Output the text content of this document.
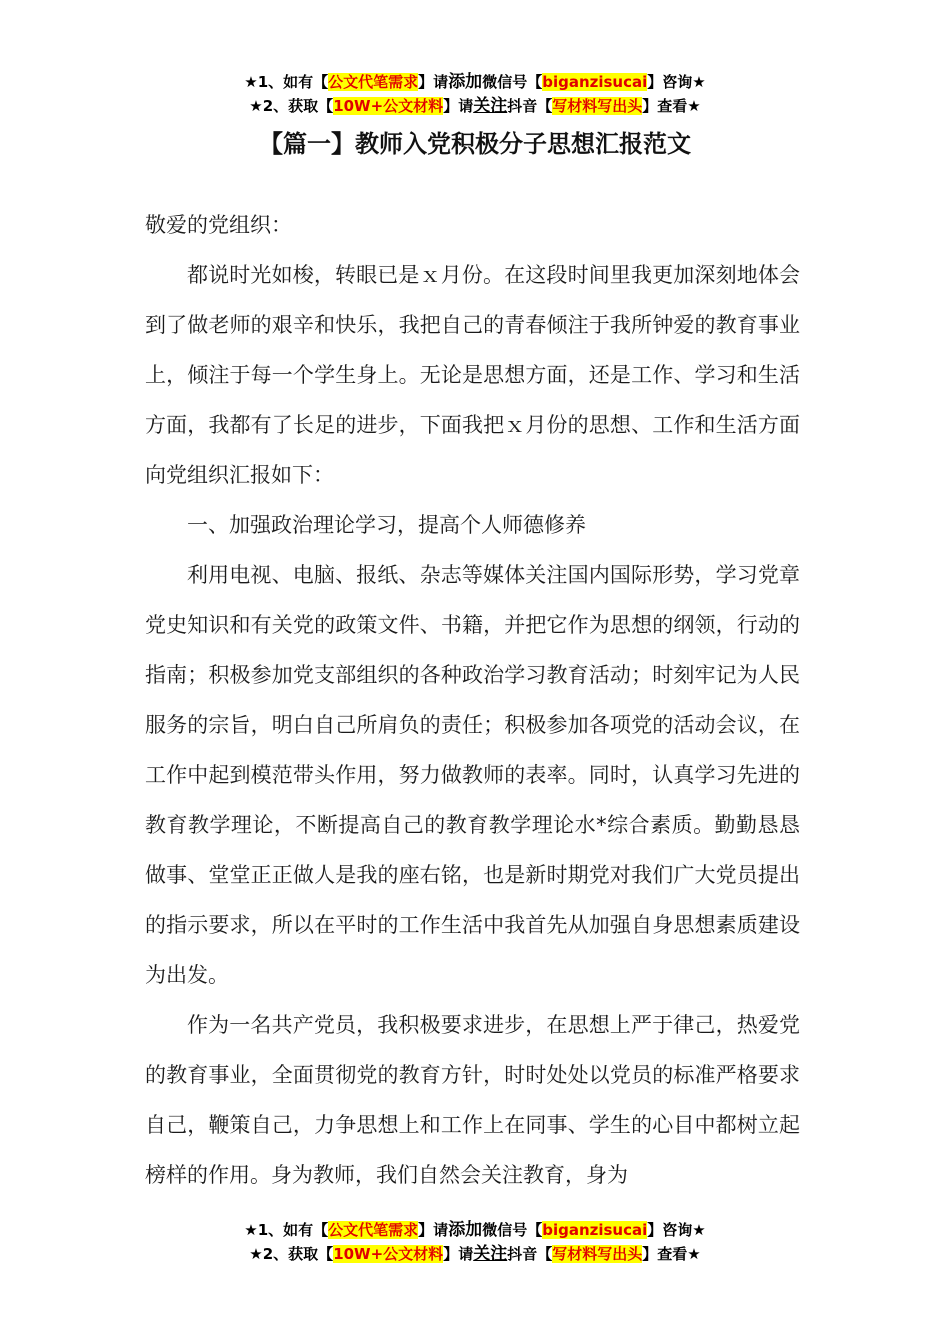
★1、如有【公文代笔需求】请添加微信号【biganzisucai】咨询★
★2、获取【10W+公文材料】请关注抖音【写材料写出头】查看★
【篇一】教师入党积极分子思想汇报范文

敬爱的党组织：

都说时光如梭，转眼已是ｘ月份。在这段时间里我更加深刻地体会到了做老师的艰辛和快乐，我把自己的青春倾注于我所钟爱的教育事业上，倾注于每一个学生身上。无论是思想方面，还是工作、学习和生活方面，我都有了长足的进步，下面我把ｘ月份的思想、工作和生活方面向党组织汇报如下：

一、加强政治理论学习，提高个人师德修养

利用电视、电脑、报纸、杂志等媒体关注国内国际形势，学习党章党史知识和有关党的政策文件、书籍，并把它作为思想的纲领，行动的指南；积极参加党支部组织的各种政治学习教育活动；时刻牢记为人民服务的宗旨，明白自己所肩负的责任；积极参加各项党的活动会议，在工作中起到模范带头作用，努力做教师的表率。同时，认真学习先进的教育教学理论，不断提高自己的教育教学理论水*综合素质。勤勤恳恳做事、堂堂正正做人是我的座右铭，也是新时期党对我们广大党员提出的指示要求，所以在平时的工作生活中我首先从加强自身思想素质建设为出发。

作为一名共产党员，我积极要求进步，在思想上严于律己，热爱党的教育事业，全面贯彻党的教育方针，时时处处以党员的标准严格要求自己，鞭策自己，力争思想上和工作上在同事、学生的心目中都树立起榜样的作用。身为教师，我们自然会关注教育，身为

★1、如有【公文代笔需求】请添加微信号【biganzisucai】咨询★
★2、获取【10W+公文材料】请关注抖音【写材料写出头】查看★
